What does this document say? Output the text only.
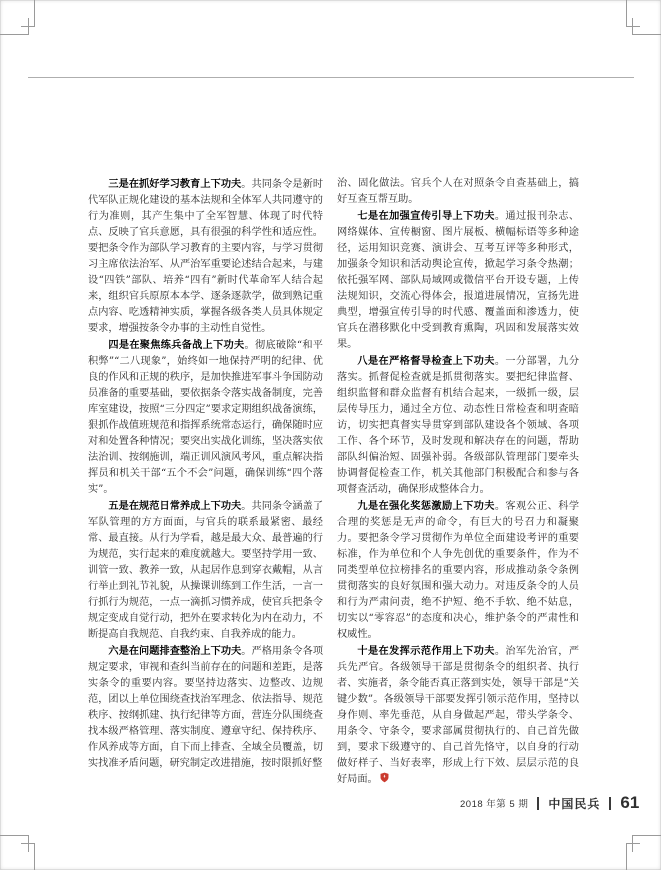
三是在抓好学习教育上下功夫。共同条令是新时代军队正规化建设的基本法规和全体军人共同遵守的行为准则，其产生集中了全军智慧、体现了时代特点、反映了官兵意愿，具有很强的科学性和适应性。要把条令作为部队学习教育的主要内容，与学习贯彻习主席依法治军、从严治军重要论述结合起来，与建设“四铁”部队、培养“四有”新时代革命军人结合起来，组织官兵原原本本学、逐条逐款学，做到熟记重点内容、吃透精神实质，掌握各级各类人员具体规定要求，增强按条令办事的主动性自觉性。

四是在聚焦练兵备战上下功夫。彻底破除“和平积弊”“二八现象”，始终如一地保持严明的纪律、优良的作风和正规的秩序，是加快推进军事斗争国防动员准备的重要基础，要依据条令落实战备制度，完善库室建设，按照“三分四定”要求定期组织战备演练，狠抓作战值班规范和指挥系统常态运行，确保随时应对和处置各种情况；要突出实战化训练，坚决落实依法治训、按纲施训，端正训风演风考风，重点解决指挥员和机关干部“五个不会”问题，确保训练“四个落实”。

五是在规范日常养成上下功夫。共同条令涵盖了军队管理的方方面面，与官兵的联系最紧密、最经常、最直接。从行为学看，越是最大众、最普遍的行为规范，实行起来的难度就越大。要坚持学用一致、训管一致、教养一致，从起居作息到穿衣戴帽，从言行举止到礼节礼貌，从操课训练到工作生活，一言一行抓行为规范，一点一滴抓习惯养成，使官兵把条令规定变成自觉行动，把外在要求转化为内在动力，不断提高自我规范、自我约束、自我养成的能力。

六是在问题排查整治上下功夫。严格用条令各项规定要求，审视和查纠当前存在的问题和差距，是落实条令的重要内容。要坚持边落实、边整改、边规范，团以上单位围绕查找治军理念、依法指导、规范秩序、按纲抓建、执行纪律等方面，营连分队围绕查找本级严格管理、落实制度、遵章守纪、保持秩序、作风养成等方面，自下而上排查、全域全员覆盖，切实找准矛盾问题，研究制定改进措施，按时限抓好整

治、固化做法。官兵个人在对照条令自查基础上，搞好互查互帮互助。

七是在加强宣传引导上下功夫。通过报刊杂志、网络媒体、宣传橱窗、图片展板、横幅标语等多种途径，运用知识竞赛、演讲会、互考互评等多种形式，加强条令知识和活动舆论宣传，掀起学习条令热潮；依托强军网、部队局域网或微信平台开设专题，上传法规知识，交流心得体会，报道进展情况，宣扬先进典型，增强宣传引导的时代感、覆盖面和渗透力，使官兵在潜移默化中受到教育熏陶，巩固和发展落实效果。

八是在严格督导检查上下功夫。一分部署，九分落实。抓督促检查就是抓贯彻落实。要把纪律监督、组织监督和群众监督有机结合起来，一级抓一级，层层传导压力，通过全方位、动态性日常检查和明查暗访，切实把真督实导贯穿到部队建设各个领域、各项工作、各个环节，及时发现和解决存在的问题，帮助部队纠偏治短、固强补弱。各级部队管理部门要牵头协调督促检查工作，机关其他部门积极配合和参与各项督查活动，确保形成整体合力。

九是在强化奖惩激励上下功夫。客观公正、科学合理的奖惩是无声的命令，有巨大的号召力和凝聚力。要把条令学习贯彻作为单位全面建设考评的重要标准，作为单位和个人争先创优的重要条件，作为不同类型单位拉榜排名的重要内容，形成推动条令条例贯彻落实的良好氛围和强大动力。对违反条令的人员和行为严肃问责，绝不护短、绝不手软、绝不姑息，切实以“零容忍”的态度和决心，维护条令的严肃性和权威性。

十是在发挥示范作用上下功夫。治军先治官，严兵先严官。各级领导干部是贯彻条令的组织者、执行者、实施者，条令能否真正落到实处，领导干部是“关键少数”。各级领导干部要发挥引领示范作用，坚持以身作则、率先垂范，从自身做起严起，带头学条令、用条令、守条令，要求部属贯彻执行的、自己首先做到，要求下级遵守的、自己首先恪守，以自身的行动做好样子、当好表率，形成上行下效、层层示范的良好局面。

2018 年第 5 期 中国民兵 61
